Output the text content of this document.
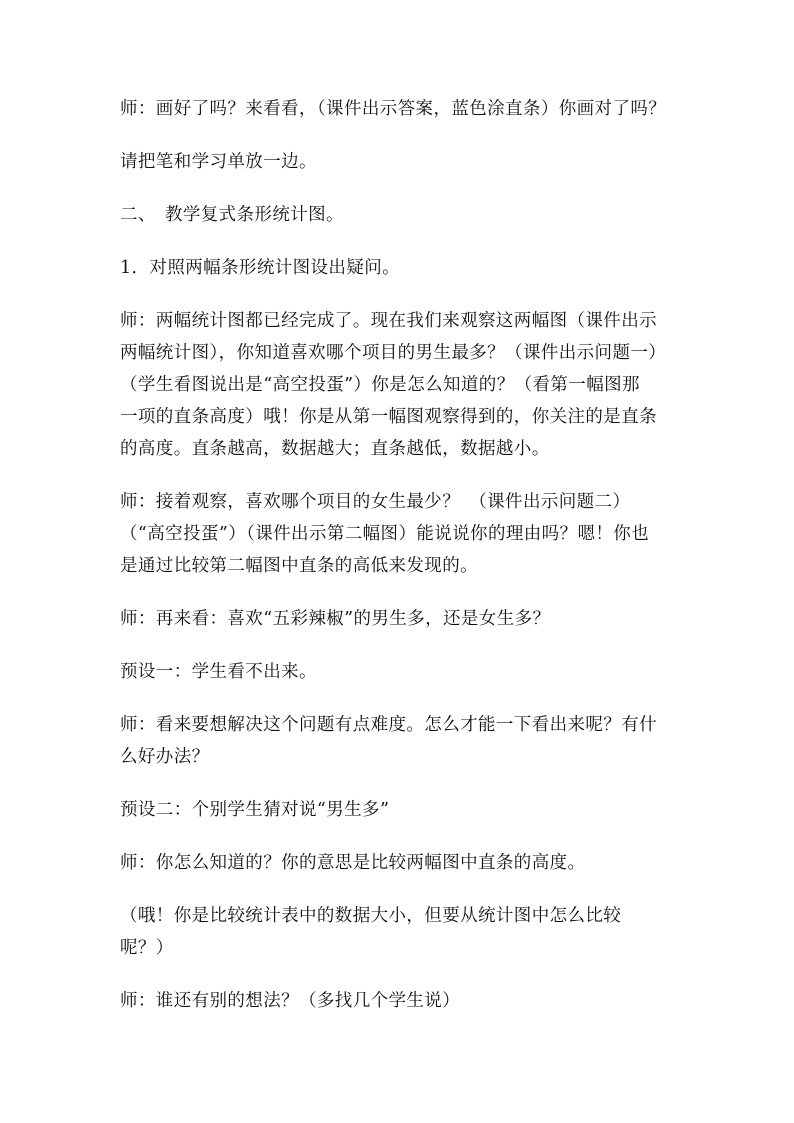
师：画好了吗？来看看，（课件出示答案，蓝色涂直条）你画对了吗？

请把笔和学习单放一边。

二、　教学复式条形统计图。

1．对照两幅条形统计图设出疑问。

师：两幅统计图都已经完成了。现在我们来观察这两幅图（课件出示
两幅统计图），你知道喜欢哪个项目的男生最多？（课件出示问题一）
（学生看图说出是“高空投蛋”）你是怎么知道的？（看第一幅图那
一项的直条高度）哦！你是从第一幅图观察得到的，你关注的是直条
的高度。直条越高，数据越大；直条越低，数据越小。

师：接着观察，喜欢哪个项目的女生最少？　（课件出示问题二）
（“高空投蛋”）（课件出示第二幅图）能说说你的理由吗？嗯！你也
是通过比较第二幅图中直条的高低来发现的。

师：再来看：喜欢“五彩辣椒”的男生多，还是女生多？

预设一：学生看不出来。

师：看来要想解决这个问题有点难度。怎么才能一下看出来呢？有什
么好办法？

预设二：个别学生猜对说“男生多”

师：你怎么知道的？你的意思是比较两幅图中直条的高度。

（哦！你是比较统计表中的数据大小，但要从统计图中怎么比较
呢？）

师：谁还有别的想法？（多找几个学生说）
